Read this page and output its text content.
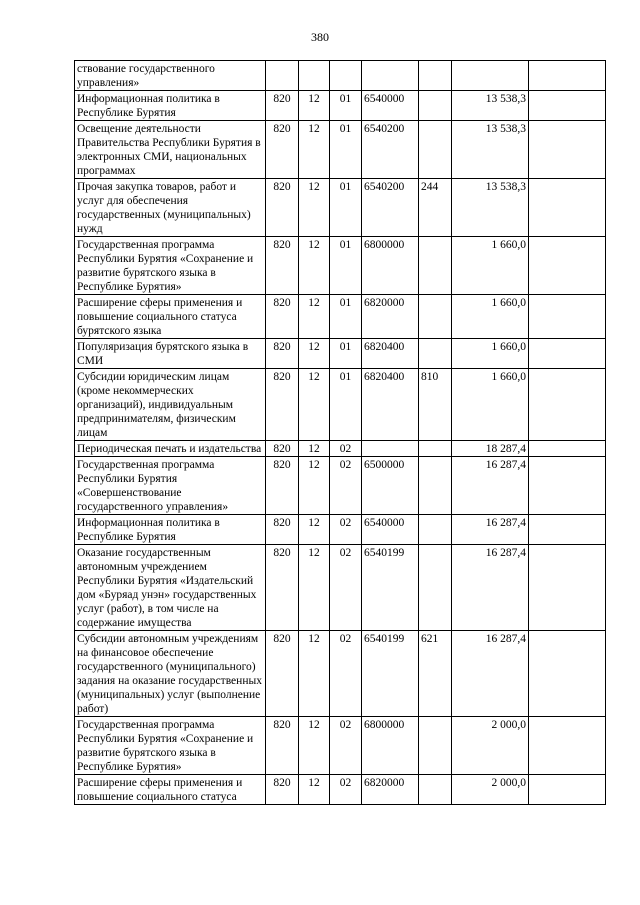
380
ствование государственного управления»							
Информационная политика в Республике Бурятия	820	12	01	6540000		13 538,3	
Освещение деятельности Правительства Республики Бурятия в электронных СМИ, национальных программах	820	12	01	6540200		13 538,3	
Прочая закупка товаров, работ и услуг для обеспечения государственных (муниципальных) нужд	820	12	01	6540200	244	13 538,3	
Государственная программа Республики Бурятия «Сохранение и развитие бурятского языка в Республике Бурятия»	820	12	01	6800000		1 660,0	
Расширение сферы применения и повышение социального статуса бурятского языка	820	12	01	6820000		1 660,0	
Популяризация бурятского языка в СМИ	820	12	01	6820400		1 660,0	
Субсидии юридическим лицам (кроме некоммерческих организаций), индивидуальным предпринимателям, физическим лицам	820	12	01	6820400	810	1 660,0	
Периодическая печать и издательства	820	12	02			18 287,4	
Государственная программа Республики Бурятия «Совершенствование государственного управления»	820	12	02	6500000		16 287,4	
Информационная политика в Республике Бурятия	820	12	02	6540000		16 287,4	
Оказание государственным автономным учреждением Республики Бурятия «Издательский дом «Буряад унэн» государственных услуг (работ), в том числе на содержание имущества	820	12	02	6540199		16 287,4	
Субсидии автономным учреждениям на финансовое обеспечение государственного (муниципального) задания на оказание государственных (муниципальных) услуг (выполнение работ)	820	12	02	6540199	621	16 287,4	
Государственная программа Республики Бурятия «Сохранение и развитие бурятского языка в Республике Бурятия»	820	12	02	6800000		2 000,0	
Расширение сферы применения и повышение социального статуса	820	12	02	6820000		2 000,0	
